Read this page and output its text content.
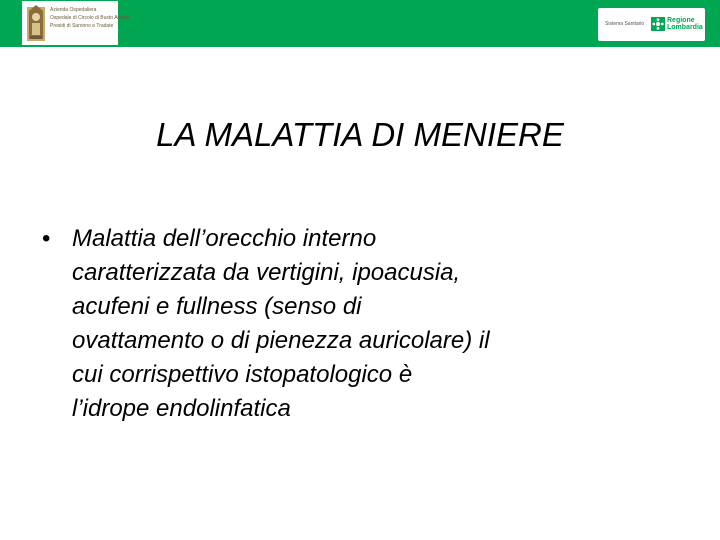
Azienda Ospedaliera
Ospedale di Circolo di Busto Arsizio
Presidi di Saronno e Tradate	Sistema Sanitario	Regione
Lombardia
LA MALATTIA DI MENIERE
• Malattia dell’orecchio interno
caratterizzata da vertigini, ipoacusia,
acufeni e fullness (senso di
ovattamento o di pienezza auricolare) il
cui corrispettivo istopatologico è
l’idrope endolinfatica
